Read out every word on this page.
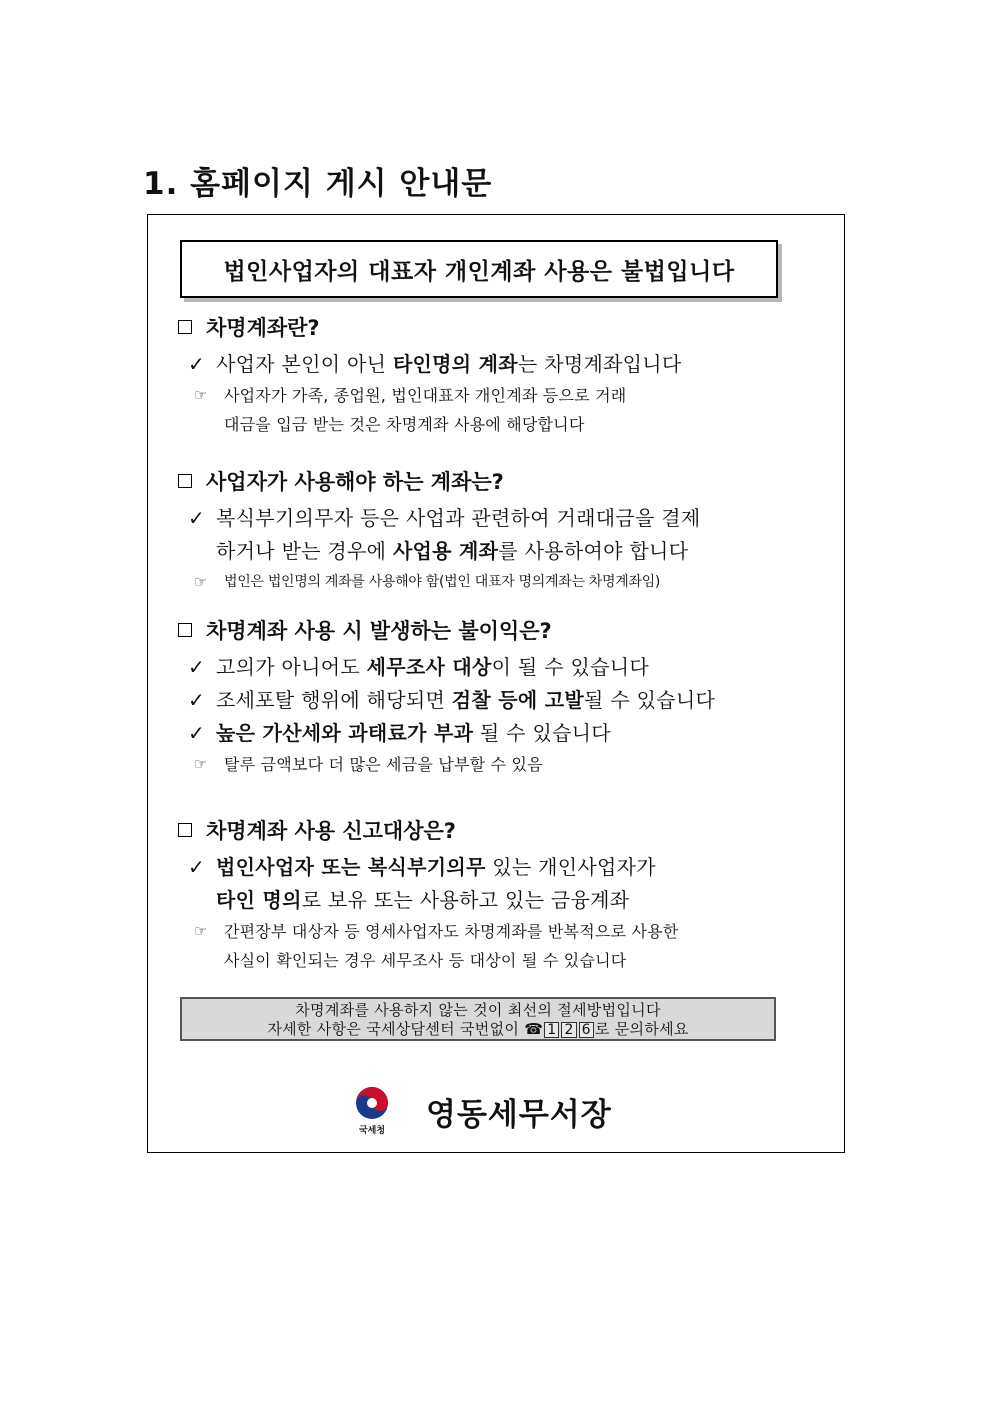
1. 홈페이지 게시 안내문
법인사업자의 대표자 개인계좌 사용은 불법입니다
차명계좌란?
✓ 사업자 본인이 아닌 타인명의 계좌는 차명계좌입니다
☞ 사업자가 가족, 종업원, 법인대표자 개인계좌 등으로 거래
대금을 입금 받는 것은 차명계좌 사용에 해당합니다
사업자가 사용해야 하는 계좌는?
✓ 복식부기의무자 등은 사업과 관련하여 거래대금을 결제
하거나 받는 경우에 사업용 계좌를 사용하여야 합니다
☞ 법인은 법인명의 계좌를 사용해야 함(법인 대표자 명의계좌는 차명계좌임)
차명계좌 사용 시 발생하는 불이익은?
✓ 고의가 아니어도 세무조사 대상이 될 수 있습니다
✓ 조세포탈 행위에 해당되면 검찰 등에 고발될 수 있습니다
✓ 높은 가산세와 과태료가 부과 될 수 있습니다
☞ 탈루 금액보다 더 많은 세금을 납부할 수 있음
차명계좌 사용 신고대상은?
✓ 법인사업자 또는 복식부기의무 있는 개인사업자가
타인 명의로 보유 또는 사용하고 있는 금융계좌
☞ 간편장부 대상자 등 영세사업자도 차명계좌를 반복적으로 사용한
사실이 확인되는 경우 세무조사 등 대상이 될 수 있습니다
차명계좌를 사용하지 않는 것이 최선의 절세방법입니다
자세한 사항은 국세상담센터 국번없이 ☎ 1 2 6 로 문의하세요
국세청	영동세무서장
